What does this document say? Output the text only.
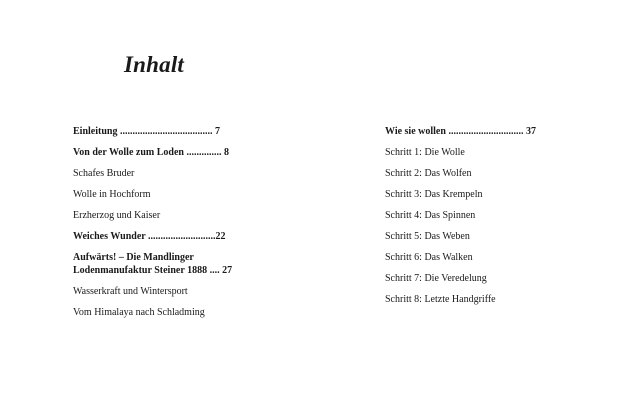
Inhalt
Einleitung ..................................... 7
Von der Wolle zum Loden .............. 8
Schafes Bruder
Wolle in Hochform
Erzherzog und Kaiser
Weiches Wunder ...........................22
Aufwärts! – Die Mandlinger
Lodenmanufaktur Steiner 1888 .... 27
Wasserkraft und Wintersport
Vom Himalaya nach Schladming
Wie sie wollen .............................. 37
Schritt 1: Die Wolle
Schritt 2: Das Wolfen
Schritt 3: Das Krempeln
Schritt 4: Das Spinnen
Schritt 5: Das Weben
Schritt 6: Das Walken
Schritt 7: Die Veredelung
Schritt 8: Letzte Handgriffe
